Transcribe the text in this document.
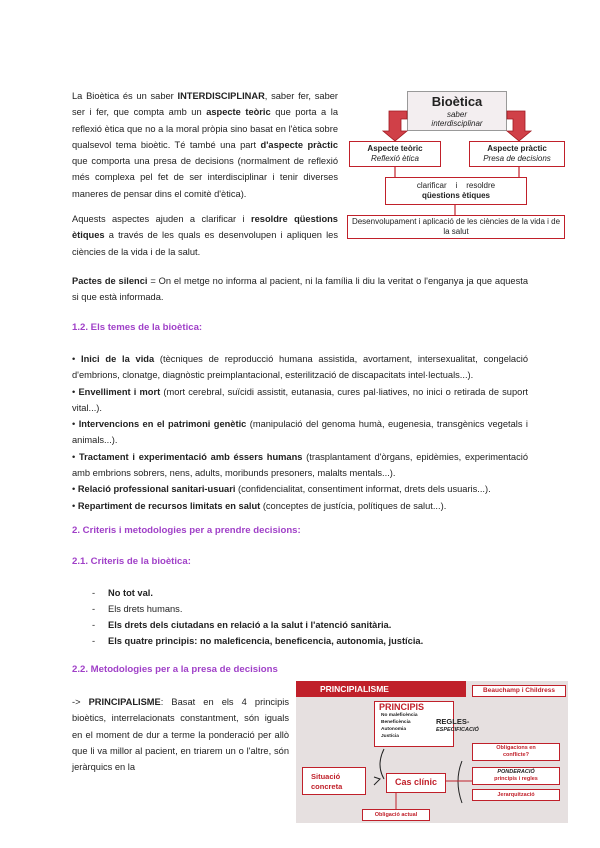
La Bioètica és un saber INTERDISCIPLINAR, saber fer, saber ser i fer, que compta amb un aspecte teòric que porta a la reflexió ètica que no a la moral pròpia sino basat en l'ètica sobre qualsevol tema bioètic. Té també una part d'aspecte pràctic que comporta una presa de decisions (normalment de reflexió més complexa pel fet de ser interdisciplinar i tenir diverses maneres de pensar dins el comitè d'ètica).
Bioètica
saber
interdisciplinar
Aspecte teòric
Reflexió ètica
Aspecte pràctic
Presa de decisions
clarificar    i    resoldre
qüestions ètiques
Desenvolupament i aplicació de les ciències de la vida i de la salut
Aquests aspectes ajuden a clarificar i resoldre qüestions ètiques a través de les quals es desenvolupen i apliquen les ciències de la vida i de la salut.
Pactes de silenci = On el metge no informa al pacient, ni la família li diu la veritat o l'enganya ja que aquesta si que està informada.
1.2. Els temes de la bioètica:
• Inici de la vida (tècniques de reproducció humana assistida, avortament, intersexualitat, congelació d'embrions, clonatge, diagnòstic preimplantacional, esterilització de discapacitats intel·lectuals...).
• Envelliment i mort (mort cerebral, suïcidi assistit, eutanasia, cures pal·liatives, no inici o retirada de suport vital...).
• Intervencions en el patrimoni genètic (manipulació del genoma humà, eugenesia, transgènics vegetals i animals...).
• Tractament i experimentació amb éssers humans (trasplantament d'òrgans, epidèmies, experimentació amb embrions sobrers, nens, adults, moribunds presoners, malalts mentals...).
• Relació professional sanitari-usuari (confidencialitat, consentiment informat, drets dels usuaris...).
• Repartiment de recursos limitats en salut (conceptes de justícia, polítiques de salut...).
2. Criteris i metodologies per a prendre decisions:
2.1. Criteris de la bioètica:
- No tot val.
- Els drets humans.
- Els drets dels ciutadans en relació a la salut i l'atenció sanitària.
- Els quatre principis: no maleficencia, beneficencia, autonomia, justícia.
2.2. Metodologies per a la presa de decisions
-> PRINCIPALISME: Basat en els 4 principis bioètics, interrelacionats constantment, són iguals en el moment de dur a terme la ponderació per allò que li va millor al pacient, en triarem un o l'altre, són jeràrquics en la
PRINCIPIALISME	Beauchamp i Childress
PRINCIPIS
No maleficència
Beneficència
Autonomia
Justícia
REGLES-
ESPECIFICACIÓ
Situació
concreta	Cas clínic
Obligacions en
conflicte?
PONDERACIÓ
principis i regles
Jerarquització
Obligació actual
